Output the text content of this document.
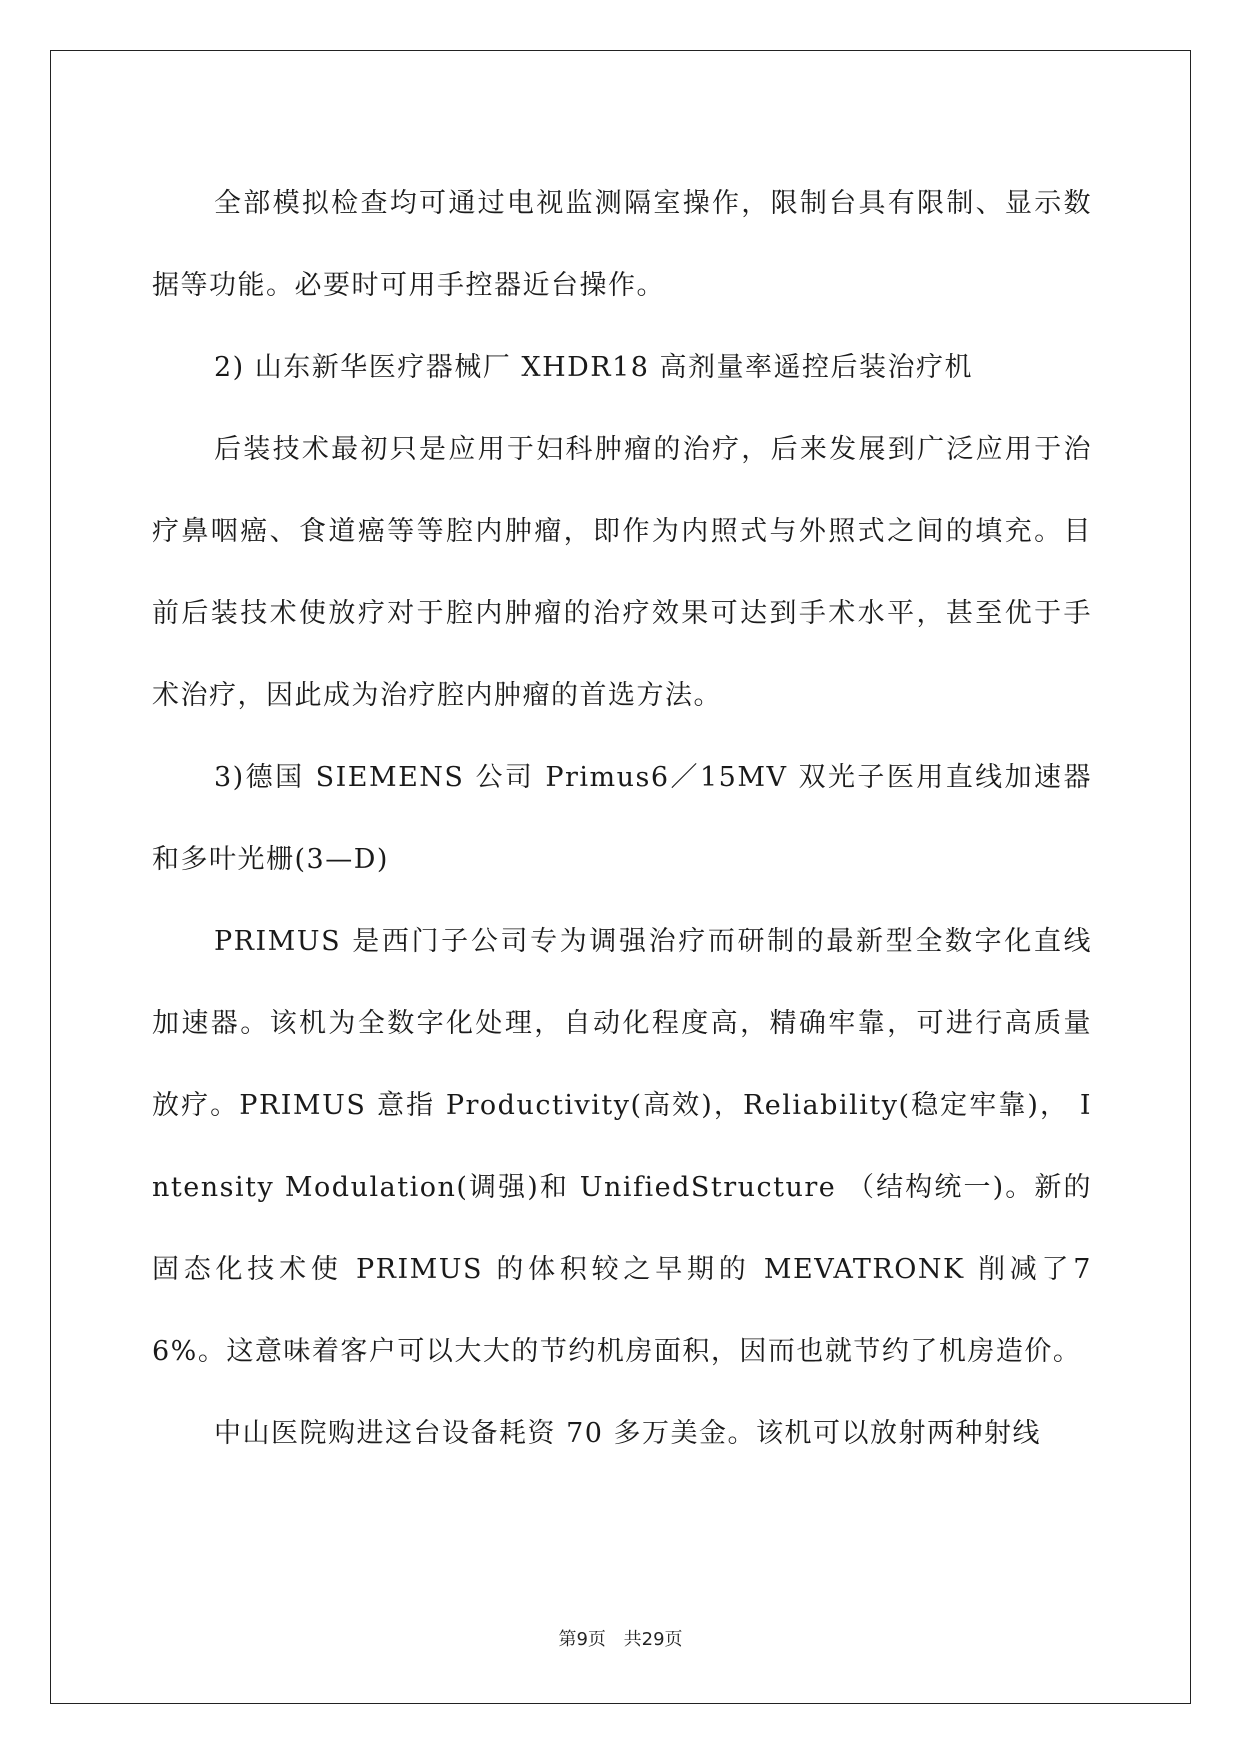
全部模拟检查均可通过电视监测隔室操作，限制台具有限制、显示数据等功能。必要时可用手控器近台操作。

2) 山东新华医疗器械厂 XHDR18 高剂量率遥控后装治疗机

后装技术最初只是应用于妇科肿瘤的治疗，后来发展到广泛应用于治疗鼻咽癌、食道癌等等腔内肿瘤，即作为内照式与外照式之间的填充。目前后装技术使放疗对于腔内肿瘤的治疗效果可达到手术水平，甚至优于手术治疗，因此成为治疗腔内肿瘤的首选方法。

3)德国 SIEMENS 公司 Primus6／15MV 双光子医用直线加速器和多叶光栅(3—D)

PRIMUS 是西门子公司专为调强治疗而研制的最新型全数字化直线加速器。该机为全数字化处理，自动化程度高，精确牢靠，可进行高质量放疗。PRIMUS 意指 Productivity(高效)，Reliability(稳定牢靠)， Intensity Modulation(调强)和 UnifiedStructure （结构统一)。新的固态化技术使 PRIMUS 的体积较之早期的 MEVATRONK 削减了76%。这意味着客户可以大大的节约机房面积，因而也就节约了机房造价。

中山医院购进这台设备耗资 70 多万美金。该机可以放射两种射线

第9页 共29页
